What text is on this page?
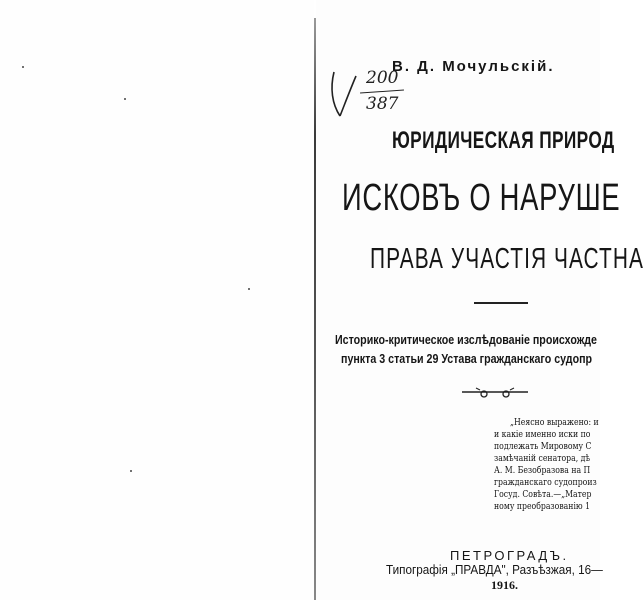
В. Д. Мочульскій.
200
387
ЮРИДИЧЕСКАЯ ПРИРОД
ИСКОВЪ О НАРУШЕ
ПРАВА УЧАСТІЯ ЧАСТНА
Историко-критическое изслѣдованіе происхожде
пункта 3 статьи 29 Устава гражданскаго судопр
„Неясно выражено: и
и какіе именно иски по
подлежать Мировому С
замѣчаній сенатора, дѣ
А. М. Безобразова на П
гражданскаго судопроиз
Госуд. Совѣта.—„Матер
ному преобразованію 1
ПЕТРОГРАДЪ.
Типографія „ПРАВДА", Разъѣзжая, 16—
1916.
